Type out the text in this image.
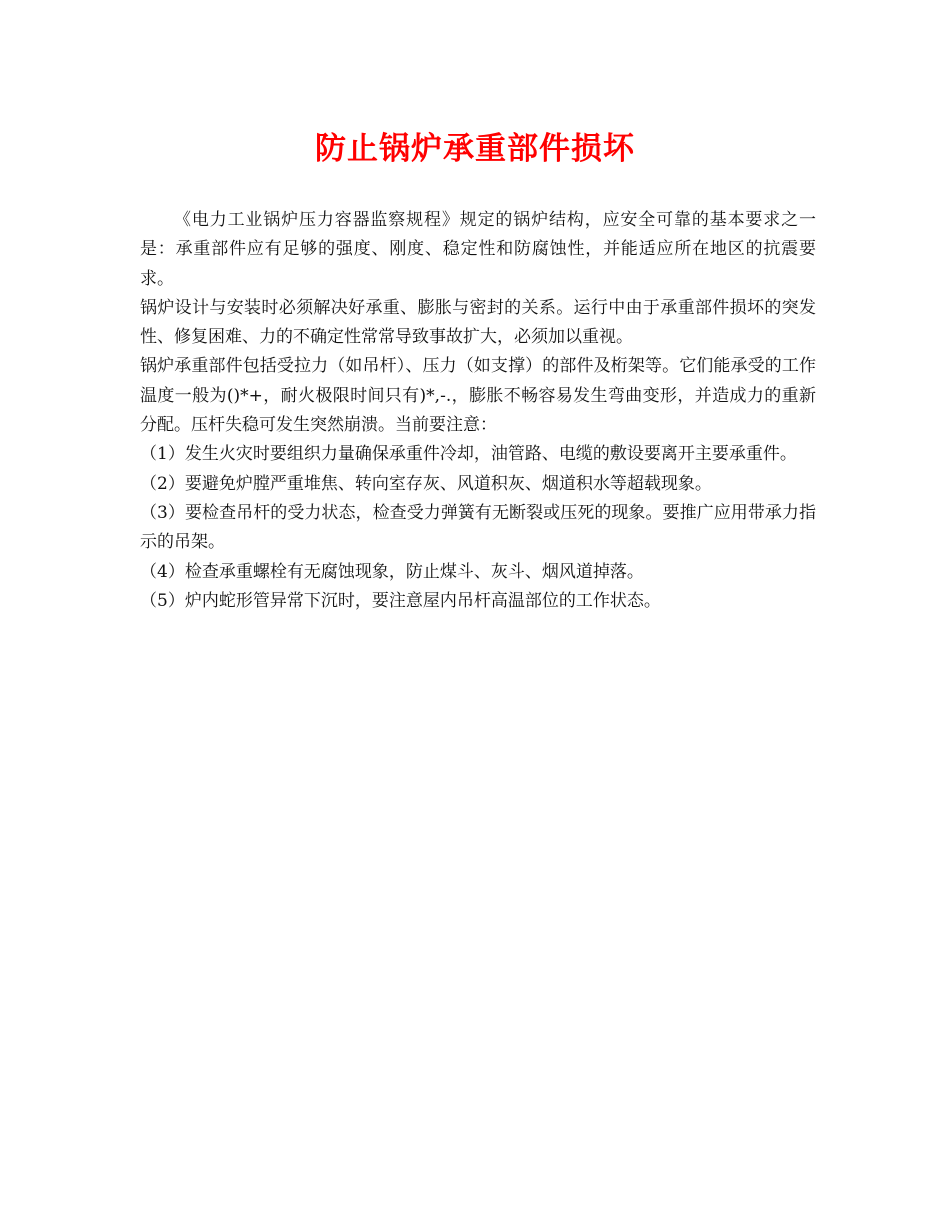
防止锅炉承重部件损坏

《电力工业锅炉压力容器监察规程》规定的锅炉结构，应安全可靠的基本要求之一是：承重部件应有足够的强度、刚度、稳定性和防腐蚀性，并能适应所在地区的抗震要求。

锅炉设计与安装时必须解决好承重、膨胀与密封的关系。运行中由于承重部件损坏的突发性、修复困难、力的不确定性常常导致事故扩大，必须加以重视。

锅炉承重部件包括受拉力（如吊杆）、压力（如支撑）的部件及桁架等。它们能承受的工作温度一般为()*+，耐火极限时间只有)*,-.，膨胀不畅容易发生弯曲变形，并造成力的重新分配。压杆失稳可发生突然崩溃。当前要注意：

（1）发生火灾时要组织力量确保承重件冷却，油管路、电缆的敷设要离开主要承重件。

（2）要避免炉膛严重堆焦、转向室存灰、风道积灰、烟道积水等超载现象。

（3）要检查吊杆的受力状态，检查受力弹簧有无断裂或压死的现象。要推广应用带承力指示的吊架。

（4）检查承重螺栓有无腐蚀现象，防止煤斗、灰斗、烟风道掉落。

（5）炉内蛇形管异常下沉时，要注意屋内吊杆高温部位的工作状态。
